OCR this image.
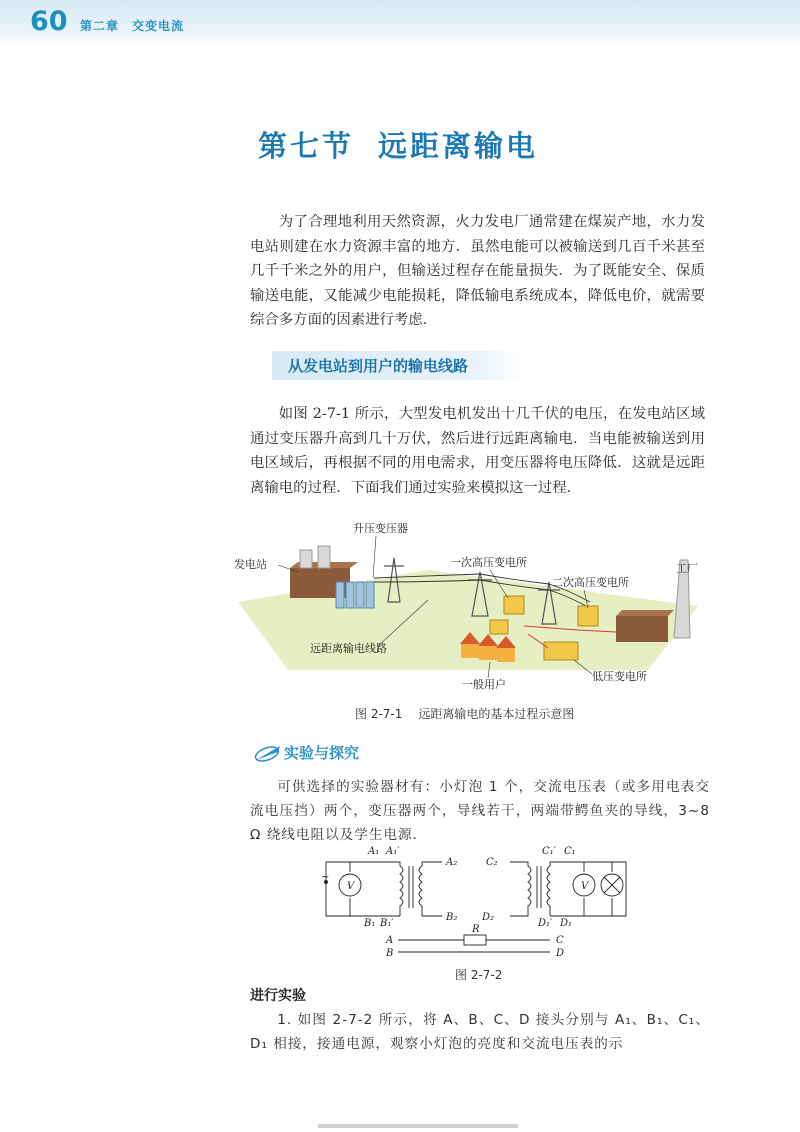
60 第二章　交变电流
第七节 远距离输电

为了合理地利用天然资源，火力发电厂通常建在煤炭产地，水力发电站则建在水力资源丰富的地方．虽然电能可以被输送到几百千米甚至几千千米之外的用户，但输送过程存在能量损失．为了既能安全、保质输送电能，又能减少电能损耗，降低输电系统成本，降低电价，就需要综合多方面的因素进行考虑．

从发电站到用户的输电线路

如图 2-7-1 所示，大型发电机发出十几千伏的电压，在发电站区域通过变压器升高到几十万伏，然后进行远距离输电．当电能被输送到用电区域后，再根据不同的用电需求，用变压器将电压降低．这就是远距离输电的过程．下面我们通过实验来模拟这一过程．

升压变压器
发电站	一次高压变电所	工厂
二次高压变电所
远距离输电线路
一般用户
低压变电所
图 2-7-1 远距离输电的基本过程示意图
实验与探究

可供选择的实验器材有：小灯泡 1 个，交流电压表（或多用电表交流电压挡）两个，变压器两个，导线若干，两端带鳄鱼夹的导线，3~8 Ω 绕线电阻以及学生电源．

V	V
~
A₁ A₁′
A₂	C₂
C₁′ C₁
B₁ B₁′
B₂ D₂
D₁′ D₁
R
A
B
C
D
图 2-7-2
进行实验

1. 如图 2-7-2 所示，将 A、B、C、D 接头分别与 A₁、B₁、C₁、D₁ 相接，接通电源，观察小灯泡的亮度和交流电压表的示
